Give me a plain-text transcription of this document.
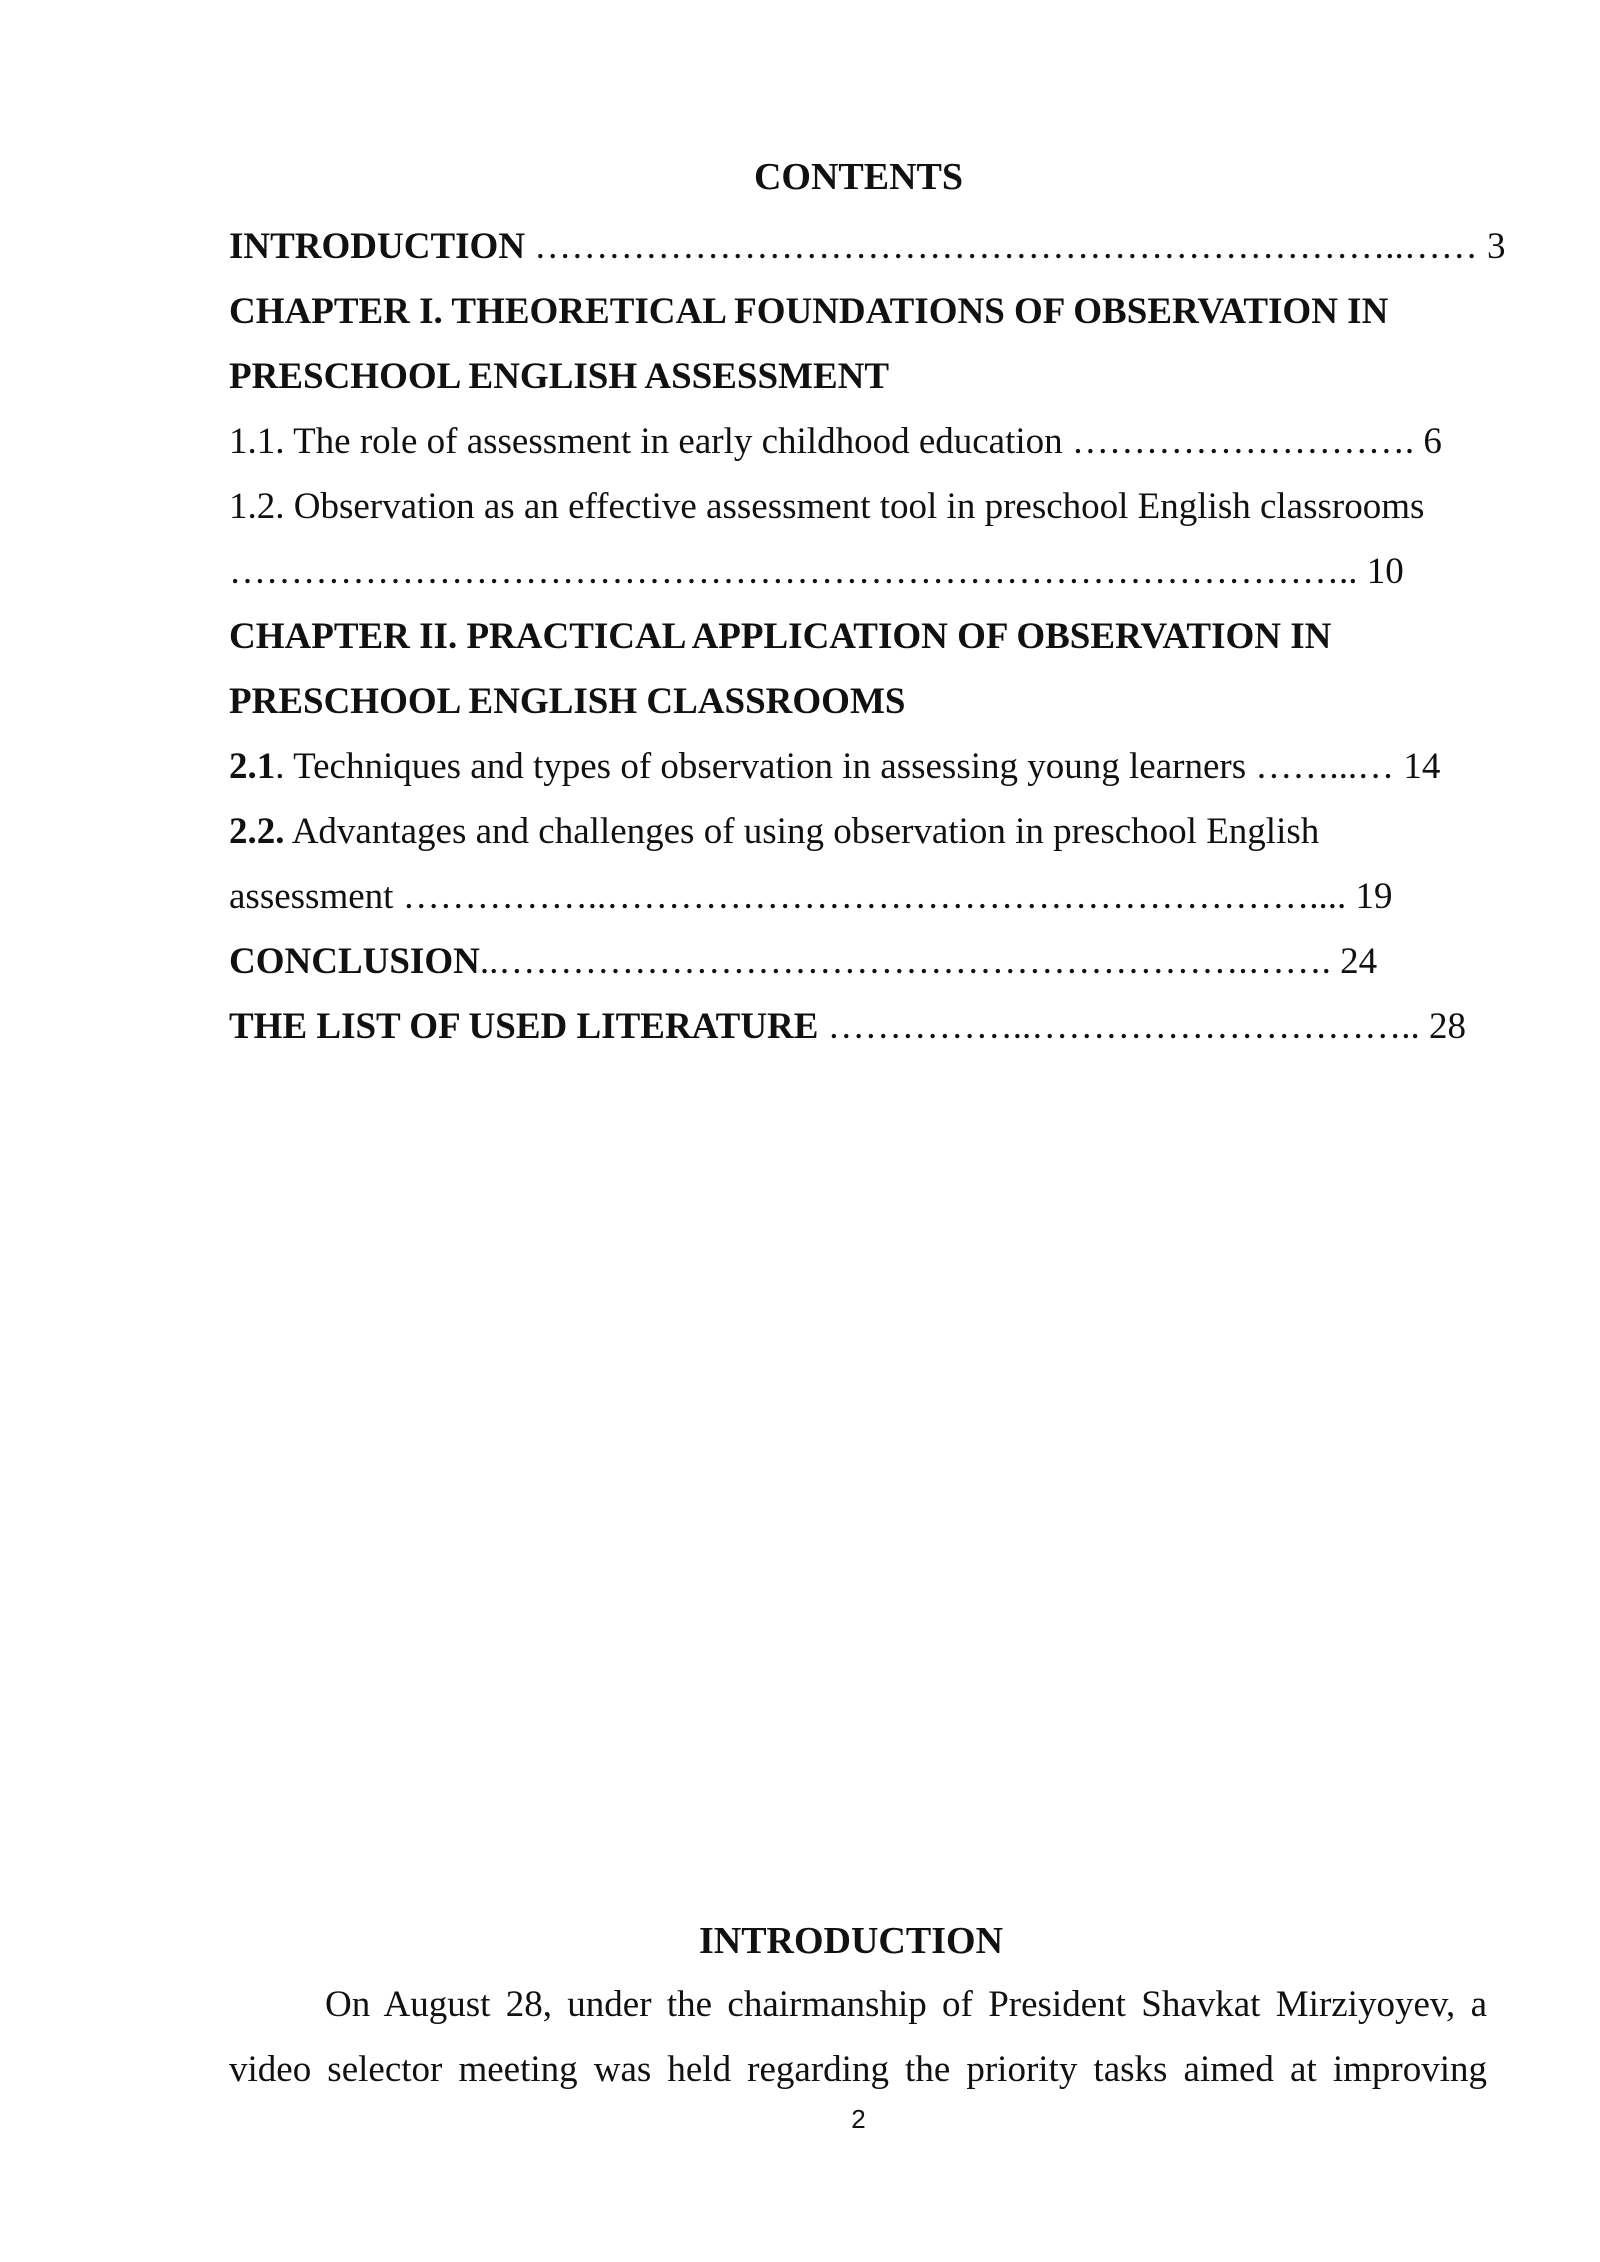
CONTENTS
INTRODUCTION ……………………………………………………………..…… 3
CHAPTER I. THEORETICAL FOUNDATIONS OF OBSERVATION IN
PRESCHOOL ENGLISH ASSESSMENT
1.1. The role of assessment in early childhood education ………………………. 6
1.2. Observation as an effective assessment tool in preschool English classrooms
……………………………………………………………………………….. 10
CHAPTER II. PRACTICAL APPLICATION OF OBSERVATION IN
PRESCHOOL ENGLISH CLASSROOMS
2.1. Techniques and types of observation in assessing young learners ……...… 14
2.2. Advantages and challenges of using observation in preschool English
assessment ……………..………………………………………………….... 19
CONCLUSION..…………………………………………………….……. 24
THE LIST OF USED LITERATURE ……………..………………………….. 28
INTRODUCTION
On August 28, under the chairmanship of President Shavkat Mirziyoyev, a
video selector meeting was held regarding the priority tasks aimed at improving
2
